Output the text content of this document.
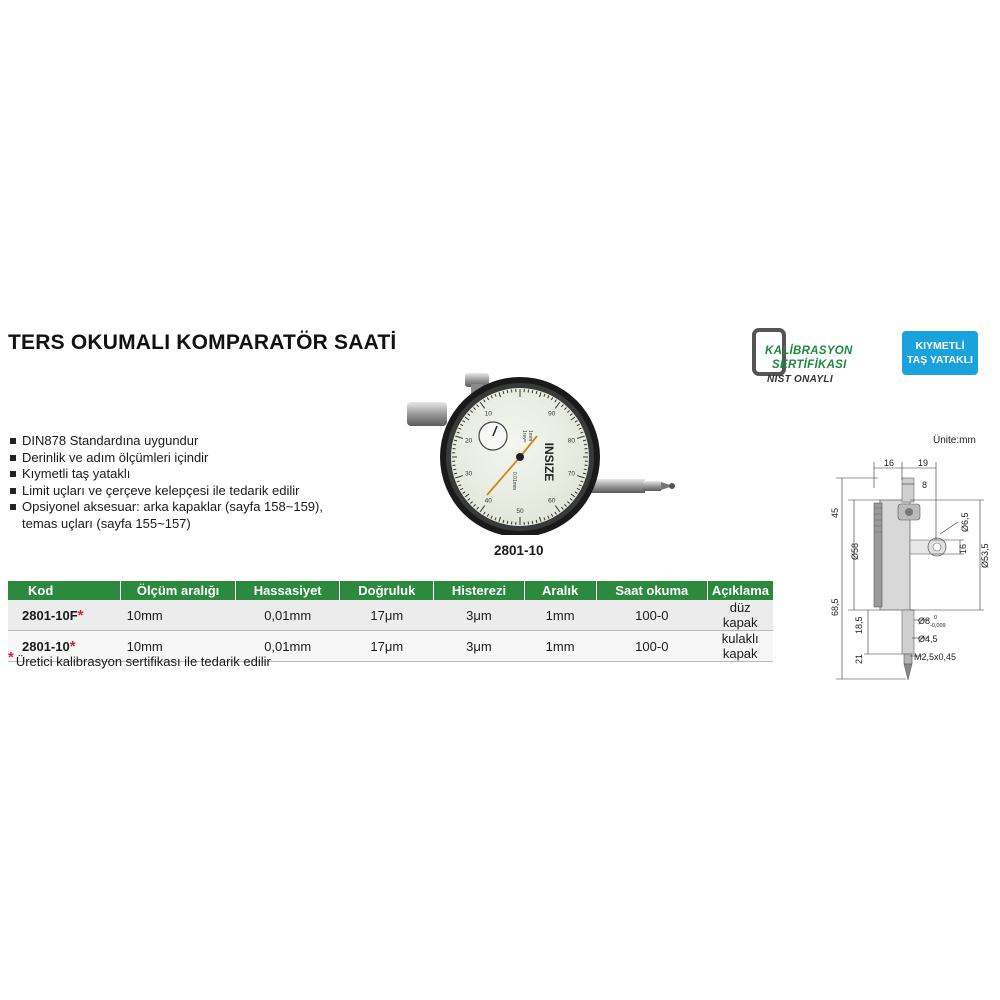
TERS OKUMALI KOMPARATÖR SAATİ	KALİBRASYON
SERTİFİKASI
NIST ONAYLI
KIYMETLİ
TAŞ YATAKLI
DIN878 Standardına uygundur
Derinlik ve adım ölçümleri içindir
Kıymetli taş yataklı
Limit uçları ve çerçeve kelepçesi ile tedarik edilir
Opsiyonel aksesuar: arka kapaklar (sayfa 158~159),
temas uçları (sayfa 155~157)
INSIZE
1rev= 1mm
0.01mm
90
80
70
60
50
40
30
20
10
2801-10
Kod	Ölçüm aralığı	Hassasiyet	Doğruluk	Histerezi	Aralık	Saat okuma	Açıklama
2801-10F*	10mm	0,01mm	17μm	3μm	1mm	100-0	düz kapak
2801-10*	10mm	0,01mm	17μm	3μm	1mm	100-0	kulaklı kapak
* Üretici kalibrasyon sertifikası ile tedarik edilir
Ünite:mm
16	19
8
45
Ø58
Ø6,5
16 Ø53,5
68,5
18,5	Ø8 0
-0,009
Ø4,5
21	M2,5x0,45
